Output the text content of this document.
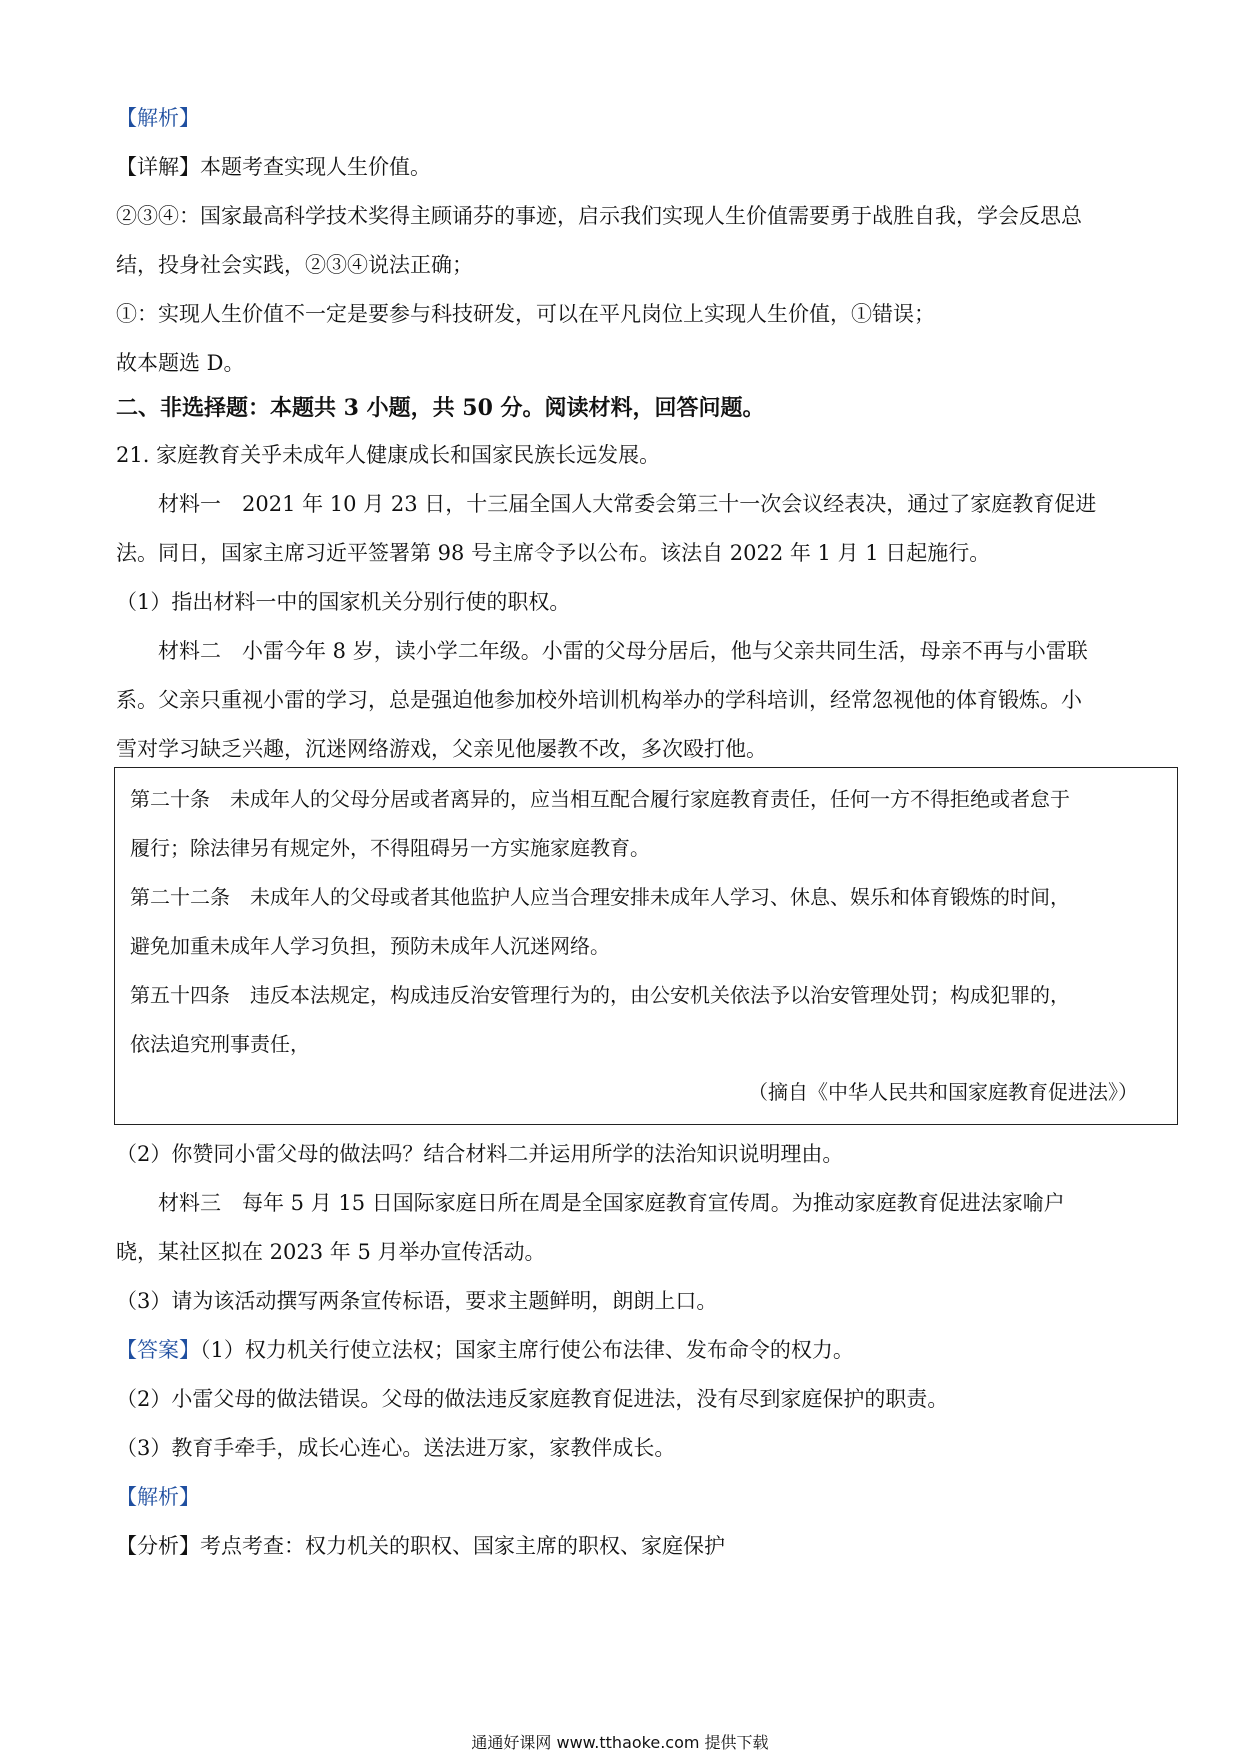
【解析】
【详解】本题考查实现人生价值。
②③④：国家最高科学技术奖得主顾诵芬的事迹，启示我们实现人生价值需要勇于战胜自我，学会反思总
结，投身社会实践，②③④说法正确；
①：实现人生价值不一定是要参与科技研发，可以在平凡岗位上实现人生价值，①错误；
故本题选 D。
二、非选择题：本题共 3 小题，共 50 分。阅读材料，回答问题。
21. 家庭教育关乎未成年人健康成长和国家民族长远发展。
材料一　2021 年 10 月 23 日，十三届全国人大常委会第三十一次会议经表决，通过了家庭教育促进
法。同日，国家主席习近平签署第 98 号主席令予以公布。该法自 2022 年 1 月 1 日起施行。
（1）指出材料一中的国家机关分别行使的职权。
材料二　小雷今年 8 岁，读小学二年级。小雷的父母分居后，他与父亲共同生活，母亲不再与小雷联
系。父亲只重视小雷的学习，总是强迫他参加校外培训机构举办的学科培训，经常忽视他的体育锻炼。小
雪对学习缺乏兴趣，沉迷网络游戏，父亲见他屡教不改，多次殴打他。
第二十条　未成年人的父母分居或者离异的，应当相互配合履行家庭教育责任，任何一方不得拒绝或者怠于
履行；除法律另有规定外，不得阻碍另一方实施家庭教育。
第二十二条　未成年人的父母或者其他监护人应当合理安排未成年人学习、休息、娱乐和体育锻炼的时间，
避免加重未成年人学习负担，预防未成年人沉迷网络。
第五十四条　违反本法规定，构成违反治安管理行为的，由公安机关依法予以治安管理处罚；构成犯罪的，
依法追究刑事责任，
（摘自《中华人民共和国家庭教育促进法》）
（2）你赞同小雷父母的做法吗？结合材料二并运用所学的法治知识说明理由。
材料三　每年 5 月 15 日国际家庭日所在周是全国家庭教育宣传周。为推动家庭教育促进法家喻户
晓，某社区拟在 2023 年 5 月举办宣传活动。
（3）请为该活动撰写两条宣传标语，要求主题鲜明，朗朗上口。
【答案】（1）权力机关行使立法权；国家主席行使公布法律、发布命令的权力。
（2）小雷父母的做法错误。父母的做法违反家庭教育促进法，没有尽到家庭保护的职责。
（3）教育手牵手，成长心连心。送法进万家，家教伴成长。
【解析】
【分析】考点考查：权力机关的职权、国家主席的职权、家庭保护
通通好课网 www.tthaoke.com 提供下载
